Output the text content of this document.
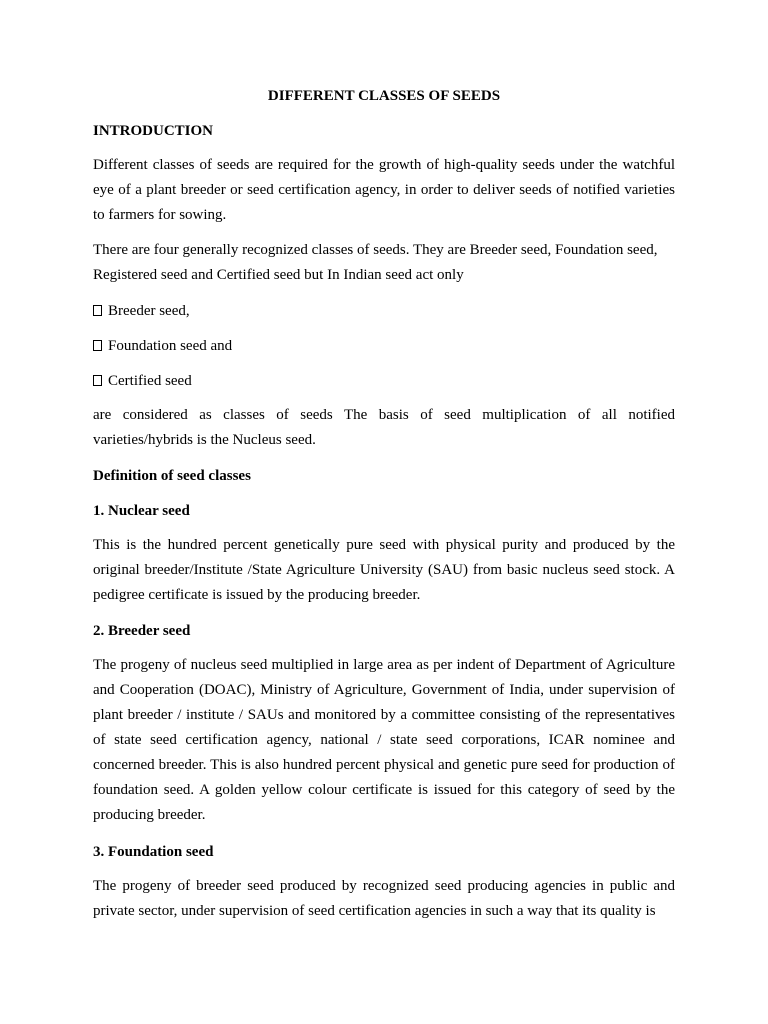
DIFFERENT CLASSES OF SEEDS
INTRODUCTION

Different classes of seeds are required for the growth of high-quality seeds under the watchful eye of a plant breeder or seed certification agency, in order to deliver seeds of notified varieties to farmers for sowing.

There are four generally recognized classes of seeds. They are Breeder seed, Foundation seed, Registered seed and Certified seed but In Indian seed act only

Breeder seed,

Foundation seed and

Certified seed

are considered as classes of seeds The basis of seed multiplication of all notified varieties/hybrids is the Nucleus seed.

Definition of seed classes
1. Nuclear seed

This is the hundred percent genetically pure seed with physical purity and produced by the original breeder/Institute /State Agriculture University (SAU) from basic nucleus seed stock. A pedigree certificate is issued by the producing breeder.

2. Breeder seed

The progeny of nucleus seed multiplied in large area as per indent of Department of Agriculture and Cooperation (DOAC), Ministry of Agriculture, Government of India, under supervision of plant breeder / institute / SAUs and monitored by a committee consisting of the representatives of state seed certification agency, national / state seed corporations, ICAR nominee and concerned breeder. This is also hundred percent physical and genetic pure seed for production of foundation seed. A golden yellow colour certificate is issued for this category of seed by the producing breeder.

3. Foundation seed

The progeny of breeder seed produced by recognized seed producing agencies in public and private sector, under supervision of seed certification agencies in such a way that its quality is
